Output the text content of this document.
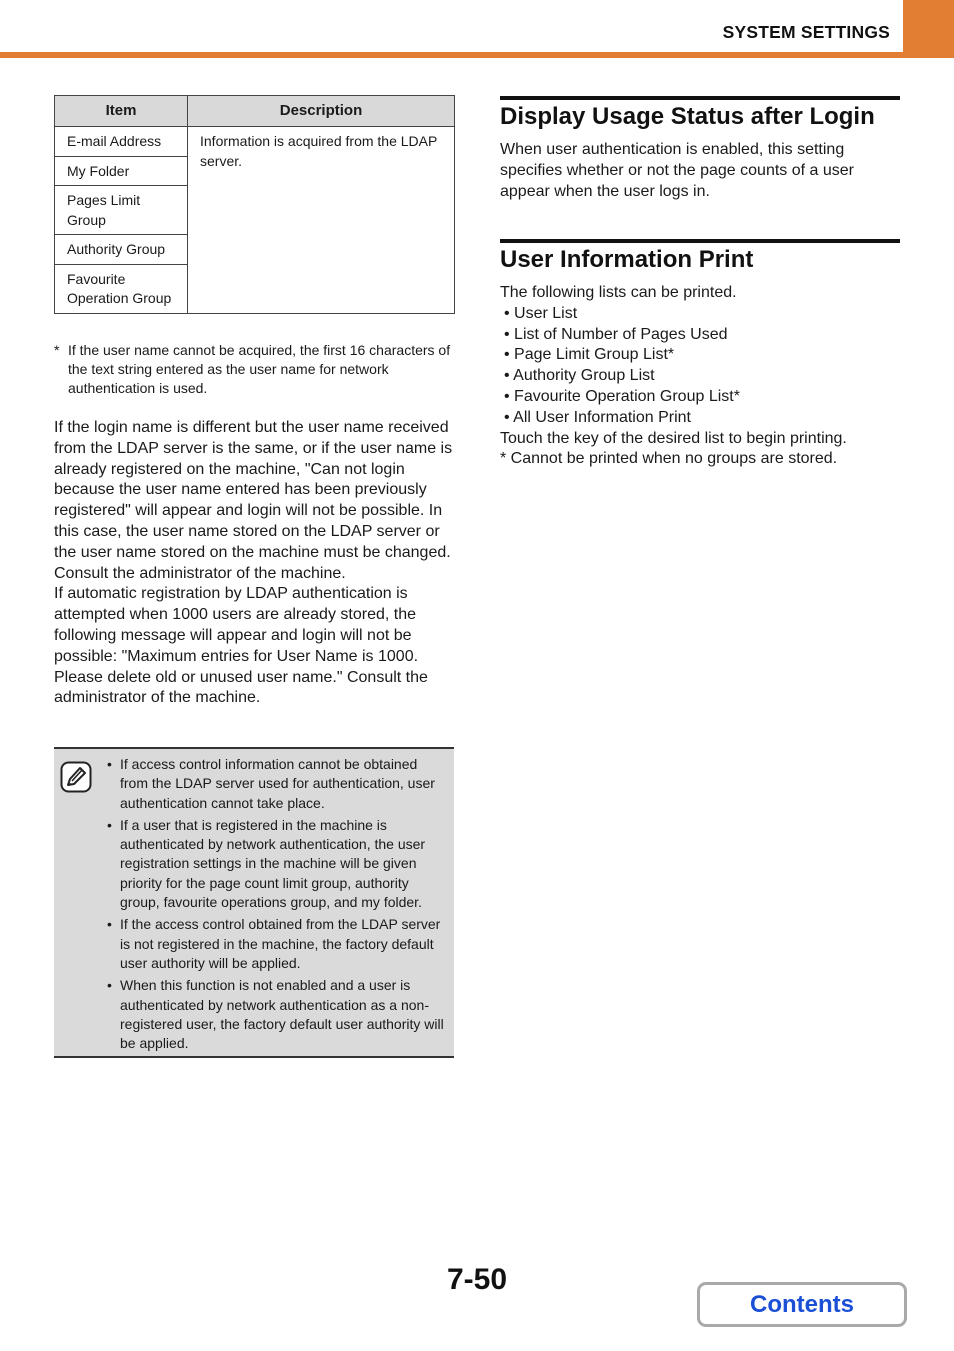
SYSTEM SETTINGS
Item	Description
E-mail Address	Information is acquired from the LDAP server.
My Folder	
Pages Limit Group	
Authority Group	
Favourite Operation Group	
* If the user name cannot be acquired, the first 16 characters of the text string entered as the user name for network authentication is used.

If the login name is different but the user name received from the LDAP server is the same, or if the user name is already registered on the machine, "Can not login because the user name entered has been previously registered" will appear and login will not be possible. In this case, the user name stored on the LDAP server or the user name stored on the machine must be changed. Consult the administrator of the machine.

If automatic registration by LDAP authentication is attempted when 1000 users are already stored, the following message will appear and login will not be possible: "Maximum entries for User Name is 1000. Please delete old or unused user name." Consult the administrator of the machine.

• If access control information cannot be obtained from the LDAP server used for authentication, user authentication cannot take place.
• If a user that is registered in the machine is authenticated by network authentication, the user registration settings in the machine will be given priority for the page count limit group, authority group, favourite operations group, and my folder.
• If the access control obtained from the LDAP server is not registered in the machine, the factory default user authority will be applied.
• When this function is not enabled and a user is authenticated by network authentication as a non-registered user, the factory default user authority will be applied.
Display Usage Status after Login

When user authentication is enabled, this setting specifies whether or not the page counts of a user appear when the user logs in.

User Information Print
The following lists can be printed.
• User List
• List of Number of Pages Used
• Page Limit Group List*
• Authority Group List
• Favourite Operation Group List*
• All User Information Print
Touch the key of the desired list to begin printing.
* Cannot be printed when no groups are stored.
7-50
Contents
